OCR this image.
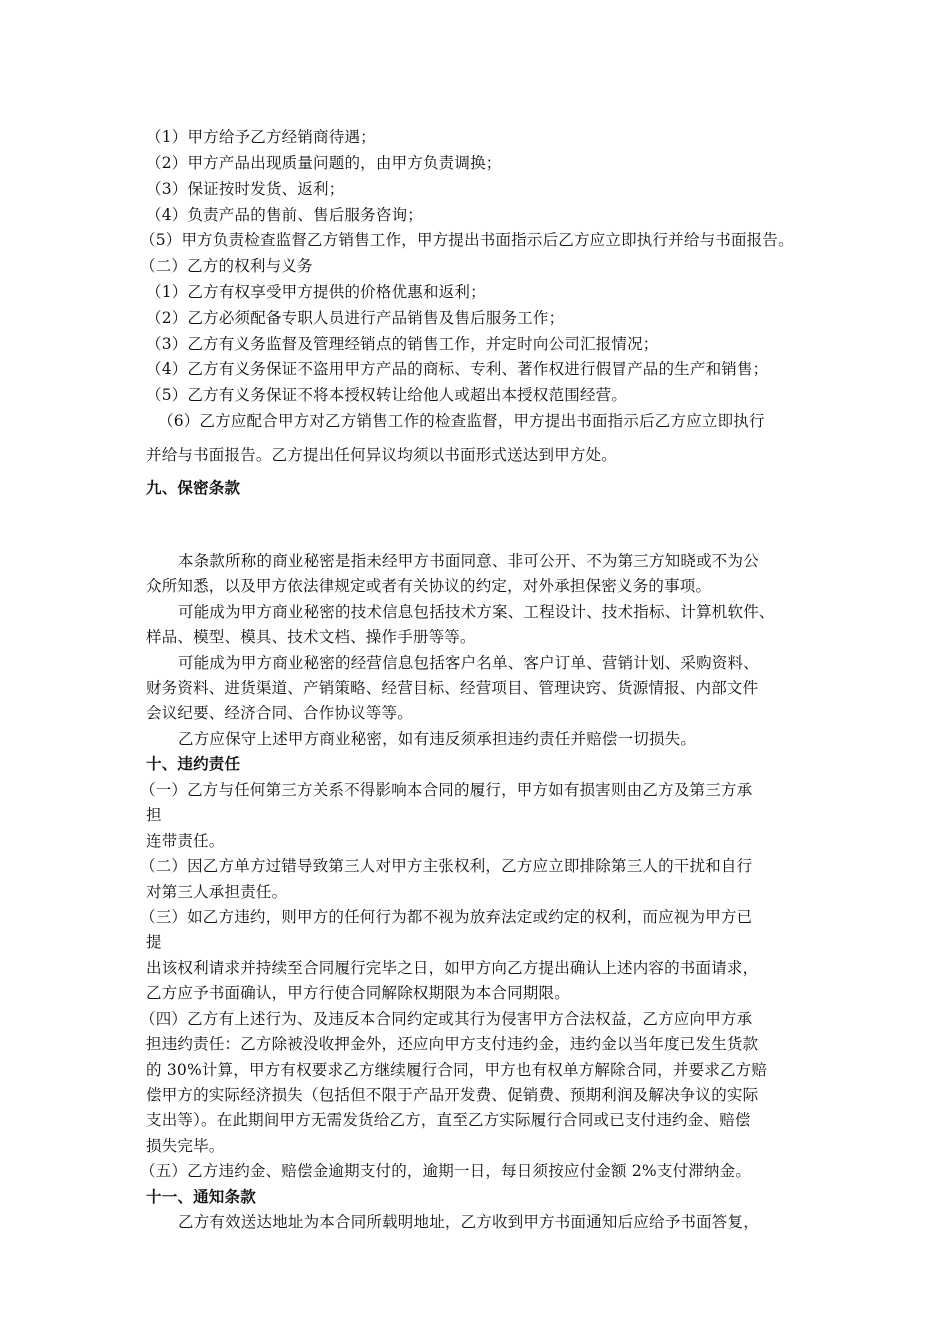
（1）甲方给予乙方经销商待遇；
（2）甲方产品出现质量问题的，由甲方负责调换；
（3）保证按时发货、返利；
（4）负责产品的售前、售后服务咨询；
（5）甲方负责检查监督乙方销售工作，甲方提出书面指示后乙方应立即执行并给与书面报告。
（二）乙方的权利与义务
（1）乙方有权享受甲方提供的价格优惠和返利；
（2）乙方必须配备专职人员进行产品销售及售后服务工作；
（3）乙方有义务监督及管理经销点的销售工作，并定时向公司汇报情况；
（4）乙方有义务保证不盗用甲方产品的商标、专利、著作权进行假冒产品的生产和销售；
（5）乙方有义务保证不将本授权转让给他人或超出本授权范围经营。
（6）乙方应配合甲方对乙方销售工作的检查监督，甲方提出书面指示后乙方应立即执行
并给与书面报告。乙方提出任何异议均须以书面形式送达到甲方处。
九、保密条款
本条款所称的商业秘密是指未经甲方书面同意、非可公开、不为第三方知晓或不为公
众所知悉，以及甲方依法律规定或者有关协议的约定，对外承担保密义务的事项。
可能成为甲方商业秘密的技术信息包括技术方案、工程设计、技术指标、计算机软件、
样品、模型、模具、技术文档、操作手册等等。
可能成为甲方商业秘密的经营信息包括客户名单、客户订单、营销计划、采购资料、
财务资料、进货渠道、产销策略、经营目标、经营项目、管理诀窍、货源情报、内部文件
会议纪要、经济合同、合作协议等等。
乙方应保守上述甲方商业秘密，如有违反须承担违约责任并赔偿一切损失。
十、违约责任
（一）乙方与任何第三方关系不得影响本合同的履行，甲方如有损害则由乙方及第三方承
担
连带责任。
（二）因乙方单方过错导致第三人对甲方主张权利，乙方应立即排除第三人的干扰和自行
对第三人承担责任。
（三）如乙方违约，则甲方的任何行为都不视为放弃法定或约定的权利，而应视为甲方已
提
出该权利请求并持续至合同履行完毕之日，如甲方向乙方提出确认上述内容的书面请求，
乙方应予书面确认，甲方行使合同解除权期限为本合同期限。
（四）乙方有上述行为、及违反本合同约定或其行为侵害甲方合法权益，乙方应向甲方承
担违约责任：乙方除被没收押金外，还应向甲方支付违约金，违约金以当年度已发生货款
的 30%计算，甲方有权要求乙方继续履行合同，甲方也有权单方解除合同，并要求乙方赔
偿甲方的实际经济损失（包括但不限于产品开发费、促销费、预期利润及解决争议的实际
支出等）。在此期间甲方无需发货给乙方，直至乙方实际履行合同或已支付违约金、赔偿
损失完毕。
（五）乙方违约金、赔偿金逾期支付的，逾期一日，每日须按应付金额 2%支付滞纳金。
十一、通知条款
乙方有效送达地址为本合同所载明地址，乙方收到甲方书面通知后应给予书面答复，
